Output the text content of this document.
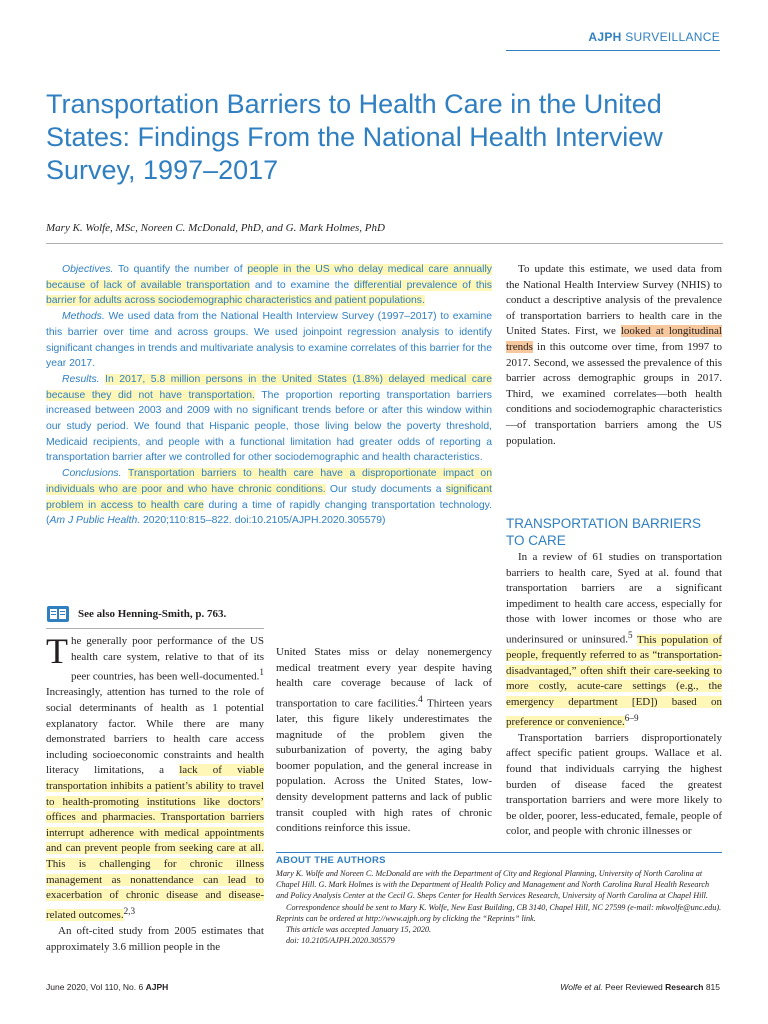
AJPH SURVEILLANCE
Transportation Barriers to Health Care in the United States: Findings From the National Health Interview Survey, 1997–2017
Mary K. Wolfe, MSc, Noreen C. McDonald, PhD, and G. Mark Holmes, PhD

Objectives. To quantify the number of people in the US who delay medical care annually because of lack of available transportation and to examine the differential prevalence of this barrier for adults across sociodemographic characteristics and patient populations.

Methods. We used data from the National Health Interview Survey (1997–2017) to examine this barrier over time and across groups. We used joinpoint regression analysis to identify significant changes in trends and multivariate analysis to examine correlates of this barrier for the year 2017.

Results. In 2017, 5.8 million persons in the United States (1.8%) delayed medical care because they did not have transportation. The proportion reporting transportation barriers increased between 2003 and 2009 with no significant trends before or after this window within our study period. We found that Hispanic people, those living below the poverty threshold, Medicaid recipients, and people with a functional limitation had greater odds of reporting a transportation barrier after we controlled for other sociodemographic and health characteristics.

Conclusions. Transportation barriers to health care have a disproportionate impact on individuals who are poor and who have chronic conditions. Our study documents a significant problem in access to health care during a time of rapidly changing transportation technology. (Am J Public Health. 2020;110:815–822. doi:10.2105/AJPH.2020.305579)

See also Henning-Smith, p. 763.

The generally poor performance of the US health care system, relative to that of its peer countries, has been well-documented.$^1$ Increasingly, attention has turned to the role of social determinants of health as 1 potential explanatory factor. While there are many demonstrated barriers to health care access including socioeconomic constraints and health literacy limitations, a lack of viable transportation inhibits a patient’s ability to travel to health-promoting institutions like doctors’ offices and pharmacies. Transportation barriers interrupt adherence with medical appointments and can prevent people from seeking care at all. This is challenging for chronic illness management as nonattendance can lead to exacerbation of chronic disease and disease-related outcomes.$^{2,3}$

An oft-cited study from 2005 estimates that approximately 3.6 million people in the

United States miss or delay nonemergency medical treatment every year despite having health care coverage because of lack of transportation to care facilities.$^4$ Thirteen years later, this figure likely underestimates the magnitude of the problem given the suburbanization of poverty, the aging baby boomer population, and the general increase in population. Across the United States, low-density development patterns and lack of public transit coupled with high rates of chronic conditions reinforce this issue.

To update this estimate, we used data from the National Health Interview Survey (NHIS) to conduct a descriptive analysis of the prevalence of transportation barriers to health care in the United States. First, we looked at longitudinal trends in this outcome over time, from 1997 to 2017. Second, we assessed the prevalence of this barrier across demographic groups in 2017. Third, we examined correlates—both health conditions and sociodemographic characteristics—of transportation barriers among the US population.

TRANSPORTATION BARRIERS TO CARE

In a review of 61 studies on transportation barriers to health care, Syed at al. found that transportation barriers are a significant impediment to health care access, especially for those with lower incomes or those who are underinsured or uninsured.$^5$ This population of people, frequently referred to as “transportation-disadvantaged,” often shift their care-seeking to more costly, acute-care settings (e.g., the emergency department [ED]) based on preference or convenience.$^{6-9}$

Transportation barriers disproportionately affect specific patient groups. Wallace et al. found that individuals carrying the highest burden of disease faced the greatest transportation barriers and were more likely to be older, poorer, less-educated, female, people of color, and people with chronic illnesses or

ABOUT THE AUTHORS

Mary K. Wolfe and Noreen C. McDonald are with the Department of City and Regional Planning, University of North Carolina at Chapel Hill. G. Mark Holmes is with the Department of Health Policy and Management and North Carolina Rural Health Research and Policy Analysis Center at the Cecil G. Sheps Center for Health Services Research, University of North Carolina at Chapel Hill.

Correspondence should be sent to Mary K. Wolfe, New East Building, CB 3140, Chapel Hill, NC 27599 (e-mail: mkwolfe@unc.edu). Reprints can be ordered at http://www.ajph.org by clicking the “Reprints” link.

This article was accepted January 15, 2020.

doi: 10.2105/AJPH.2020.305579

June 2020, Vol 110, No. 6 AJPH	Wolfe et al. Peer Reviewed Research 815
